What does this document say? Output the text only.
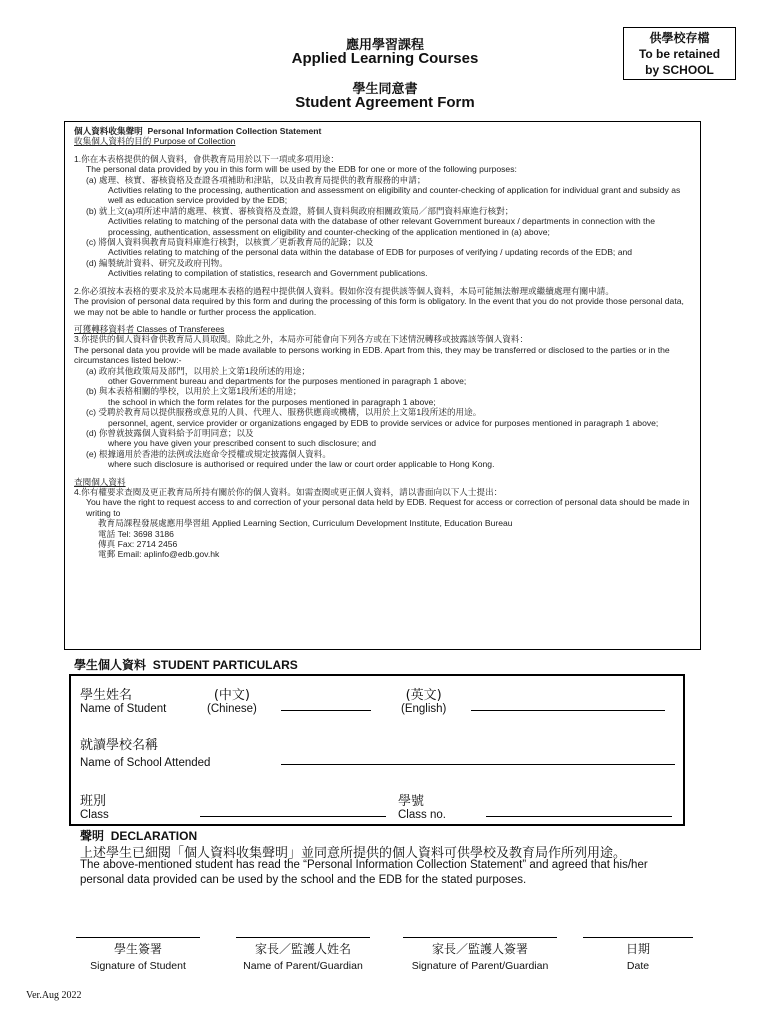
應用學習課程
Applied Learning Courses
學生同意書
Student Agreement Form
供學校存檔
To be retained
by SCHOOL

個人資料收集聲明 Personal Information Collection Statement

收集個人資料的目的 Purpose of Collection

1.你在本表格提供的個人資料，會供教育局用於以下一項或多項用途：

The personal data provided by you in this form will be used by the EDB for one or more of the following purposes:

(a) 處理、核實、審核資格及查證各項補助和津貼，以及由教育局提供的教育服務的申請；

Activities relating to the processing, authentication and assessment on eligibility and counter-checking of application for individual grant and subsidy as well as education service provided by the EDB;

(b) 就上文(a)項所述申請的處理、核實、審核資格及查證，將個人資料與政府相關政策局／部門資料庫進行核對；

Activities relating to matching of the personal data with the database of other relevant Government bureaux / departments in connection with the processing, authentication, assessment on eligibility and counter-checking of the application mentioned in (a) above;

(c) 將個人資料與教育局資料庫進行核對，以核實／更新教育局的記錄；以及

Activities relating to matching of the personal data within the database of EDB for purposes of verifying / updating records of the EDB; and

(d) 編製統計資料、研究及政府刊物。

Activities relating to compilation of statistics, research and Government publications.

2.你必須按本表格的要求及於本局處理本表格的過程中提供個人資料。假如你沒有提供該等個人資料，本局可能無法辦理或繼續處理有關申請。

The provision of personal data required by this form and during the processing of this form is obligatory. In the event that you do not provide those personal data, we may not be able to handle or further process the application.

可獲轉移資料者 Classes of Transferees

3.你提供的個人資料會供教育局人員取閱。除此之外，本局亦可能會向下列各方或在下述情況轉移或披露該等個人資料：

The personal data you provide will be made available to persons working in EDB. Apart from this, they may be transferred or disclosed to the parties or in the circumstances listed below:-

(a) 政府其他政策局及部門，以用於上文第1段所述的用途；

other Government bureau and departments for the purposes mentioned in paragraph 1 above;

(b) 與本表格相關的學校，以用於上文第1段所述的用途；

the school in which the form relates for the purposes mentioned in paragraph 1 above;

(c) 受聘於教育局以提供服務或意見的人員、代理人、服務供應商或機構，以用於上文第1段所述的用途。

personnel, agent, service provider or organizations engaged by EDB to provide services or advice for purposes mentioned in paragraph 1 above;

(d) 你曾就披露個人資料給予訂明同意；以及

where you have given your prescribed consent to such disclosure; and

(e) 根據適用於香港的法例或法庭命令授權或規定披露個人資料。

where such disclosure is authorised or required under the law or court order applicable to Hong Kong.

查閱個人資料

4.你有權要求查閱及更正教育局所持有關於你的個人資料。如需查閱或更正個人資料，請以書面向以下人士提出：

You have the right to request access to and correction of your personal data held by EDB. Request for access or correction of personal data should be made in writing to

教育局課程發展處應用學習組 Applied Learning Section, Curriculum Development Institute, Education Bureau

電話 Tel: 3698 3186

傳真 Fax: 2714 2456

電郵 Email: aplinfo@edb.gov.hk

學生個人資料 STUDENT PARTICULARS
學生姓名
Name of Student
(中文)
(Chinese)
(英文)
(English)
就讀學校名稱
Name of School Attended
班別
Class
學號
Class no.
聲明 DECLARATION
上述學生已細閱「個人資料收集聲明」並同意所提供的個人資料可供學校及教育局作所列用途。
The above-mentioned student has read the “Personal Information Collection Statement” and agreed that his/her personal data provided can be used by the school and the EDB for the stated purposes.
學生簽署
Signature of Student
家長／監護人姓名
Name of Parent/Guardian
家長／監護人簽署
Signature of Parent/Guardian
日期
Date
Ver.Aug 2022
